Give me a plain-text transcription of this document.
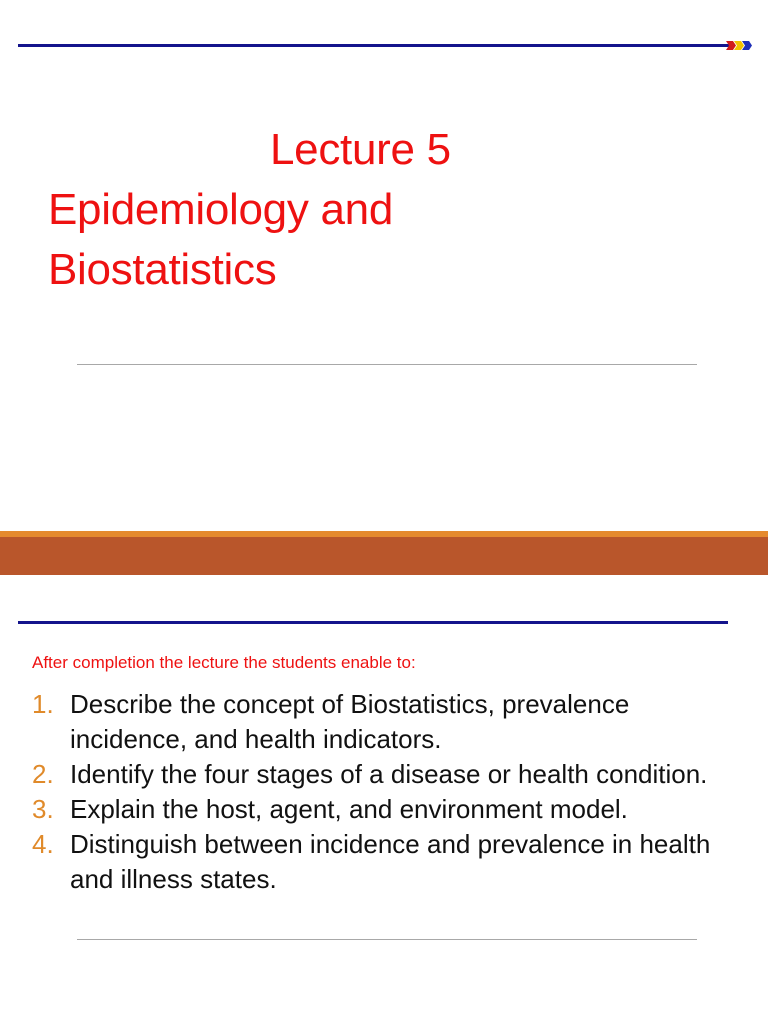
Lecture 5
Epidemiology and
Biostatistics
After completion the lecture the students enable to:
1. Describe the concept of Biostatistics, prevalence incidence, and health indicators.
2. Identify the four stages of a disease or health condition.
3. Explain the host, agent, and environment model.
4. Distinguish between incidence and prevalence in health and illness states.
